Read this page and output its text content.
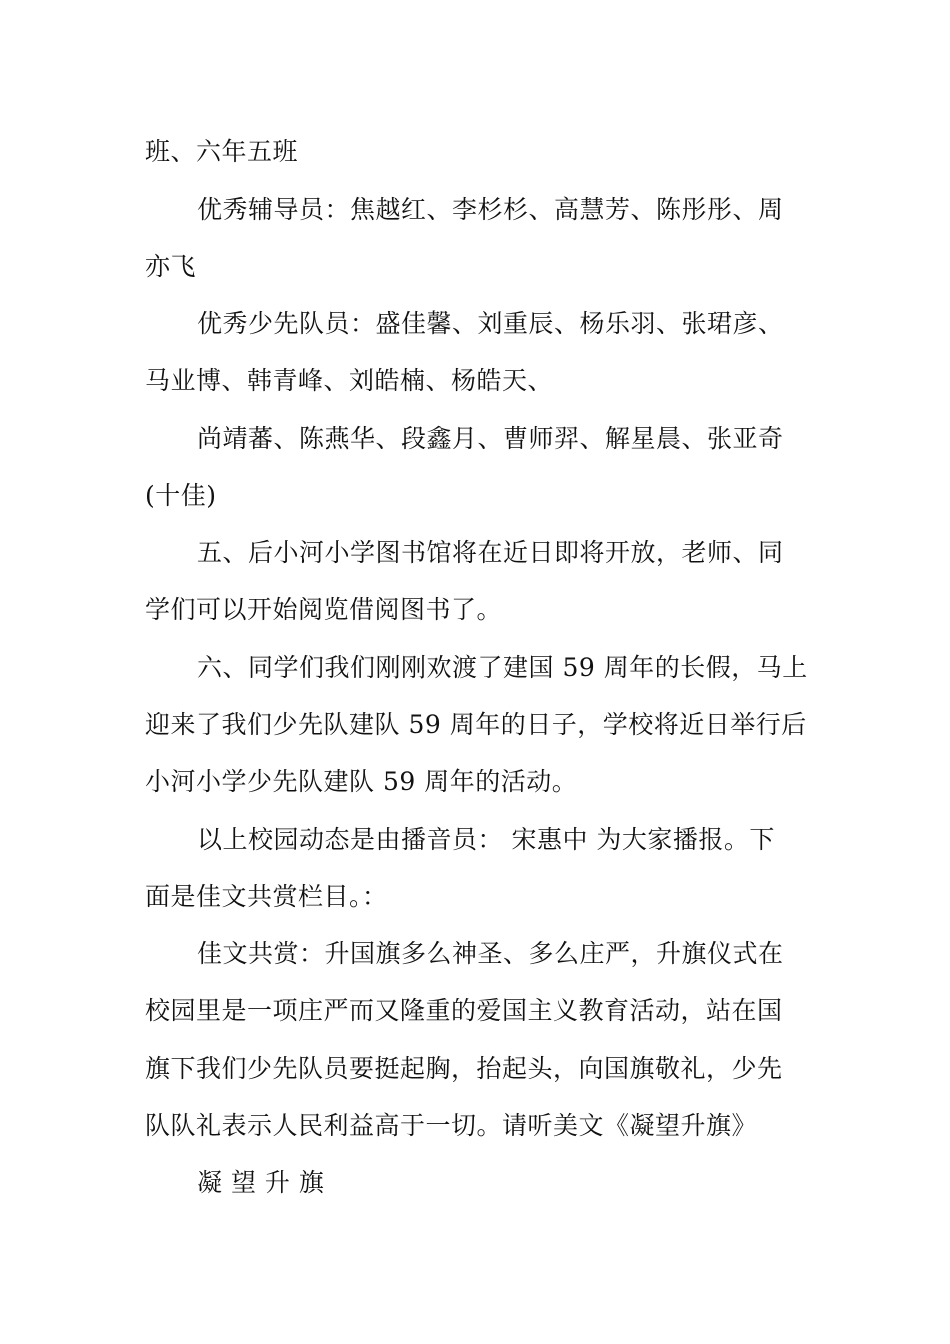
班、六年五班
优秀辅导员：焦越红、李杉杉、高慧芳、陈彤彤、周
亦飞
优秀少先队员：盛佳馨、刘重辰、杨乐羽、张珺彦、
马业博、韩青峰、刘皓楠、杨皓天、
尚靖蕃、陈燕华、段鑫月、曹师羿、解星晨、张亚奇
(十佳)
五、后小河小学图书馆将在近日即将开放，老师、同
学们可以开始阅览借阅图书了。
六、同学们我们刚刚欢渡了建国 59 周年的长假，马上
迎来了我们少先队建队 59 周年的日子，学校将近日举行后
小河小学少先队建队 59 周年的活动。
以上校园动态是由播音员： 宋惠中 为大家播报。下
面是佳文共赏栏目。：
佳文共赏：升国旗多么神圣、多么庄严，升旗仪式在
校园里是一项庄严而又隆重的爱国主义教育活动，站在国
旗下我们少先队员要挺起胸，抬起头，向国旗敬礼，少先
队队礼表示人民利益高于一切。请听美文《凝望升旗》
凝 望 升 旗
